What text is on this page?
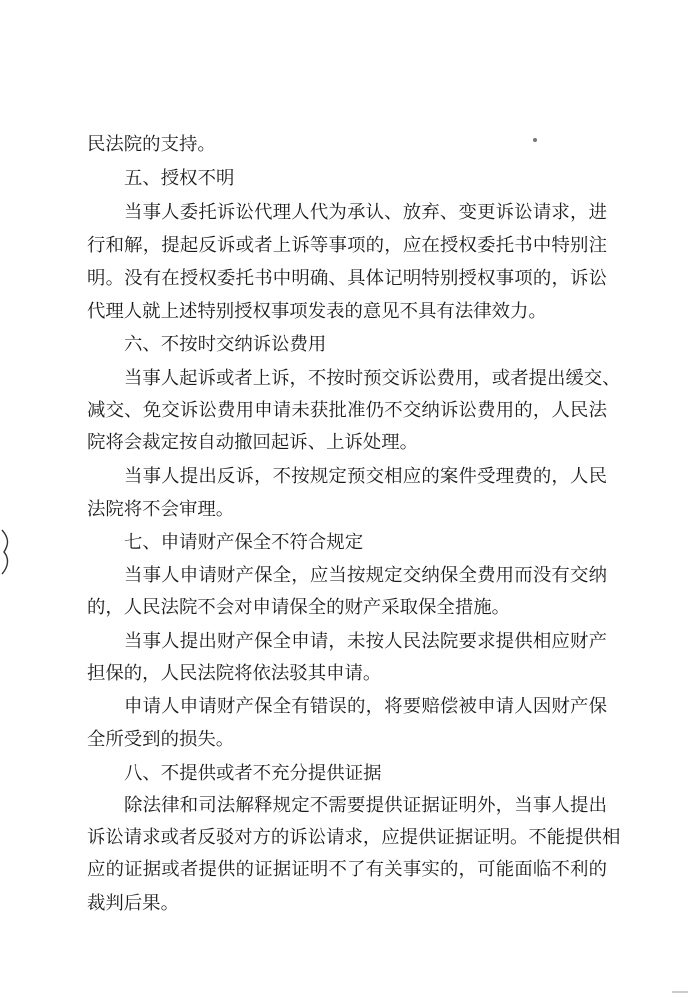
民法院的支持。
五、授权不明
当事人委托诉讼代理人代为承认、放弃、变更诉讼请求，进
行和解，提起反诉或者上诉等事项的，应在授权委托书中特别注
明。没有在授权委托书中明确、具体记明特别授权事项的，诉讼
代理人就上述特别授权事项发表的意见不具有法律效力。
六、不按时交纳诉讼费用
当事人起诉或者上诉，不按时预交诉讼费用，或者提出缓交、
减交、免交诉讼费用申请未获批准仍不交纳诉讼费用的，人民法
院将会裁定按自动撤回起诉、上诉处理。
当事人提出反诉，不按规定预交相应的案件受理费的，人民
法院将不会审理。
七、申请财产保全不符合规定
当事人申请财产保全，应当按规定交纳保全费用而没有交纳
的，人民法院不会对申请保全的财产采取保全措施。
当事人提出财产保全申请，未按人民法院要求提供相应财产
担保的，人民法院将依法驳其申请。
申请人申请财产保全有错误的，将要赔偿被申请人因财产保
全所受到的损失。
八、不提供或者不充分提供证据
除法律和司法解释规定不需要提供证据证明外，当事人提出
诉讼请求或者反驳对方的诉讼请求，应提供证据证明。不能提供相
应的证据或者提供的证据证明不了有关事实的，可能面临不利的
裁判后果。
